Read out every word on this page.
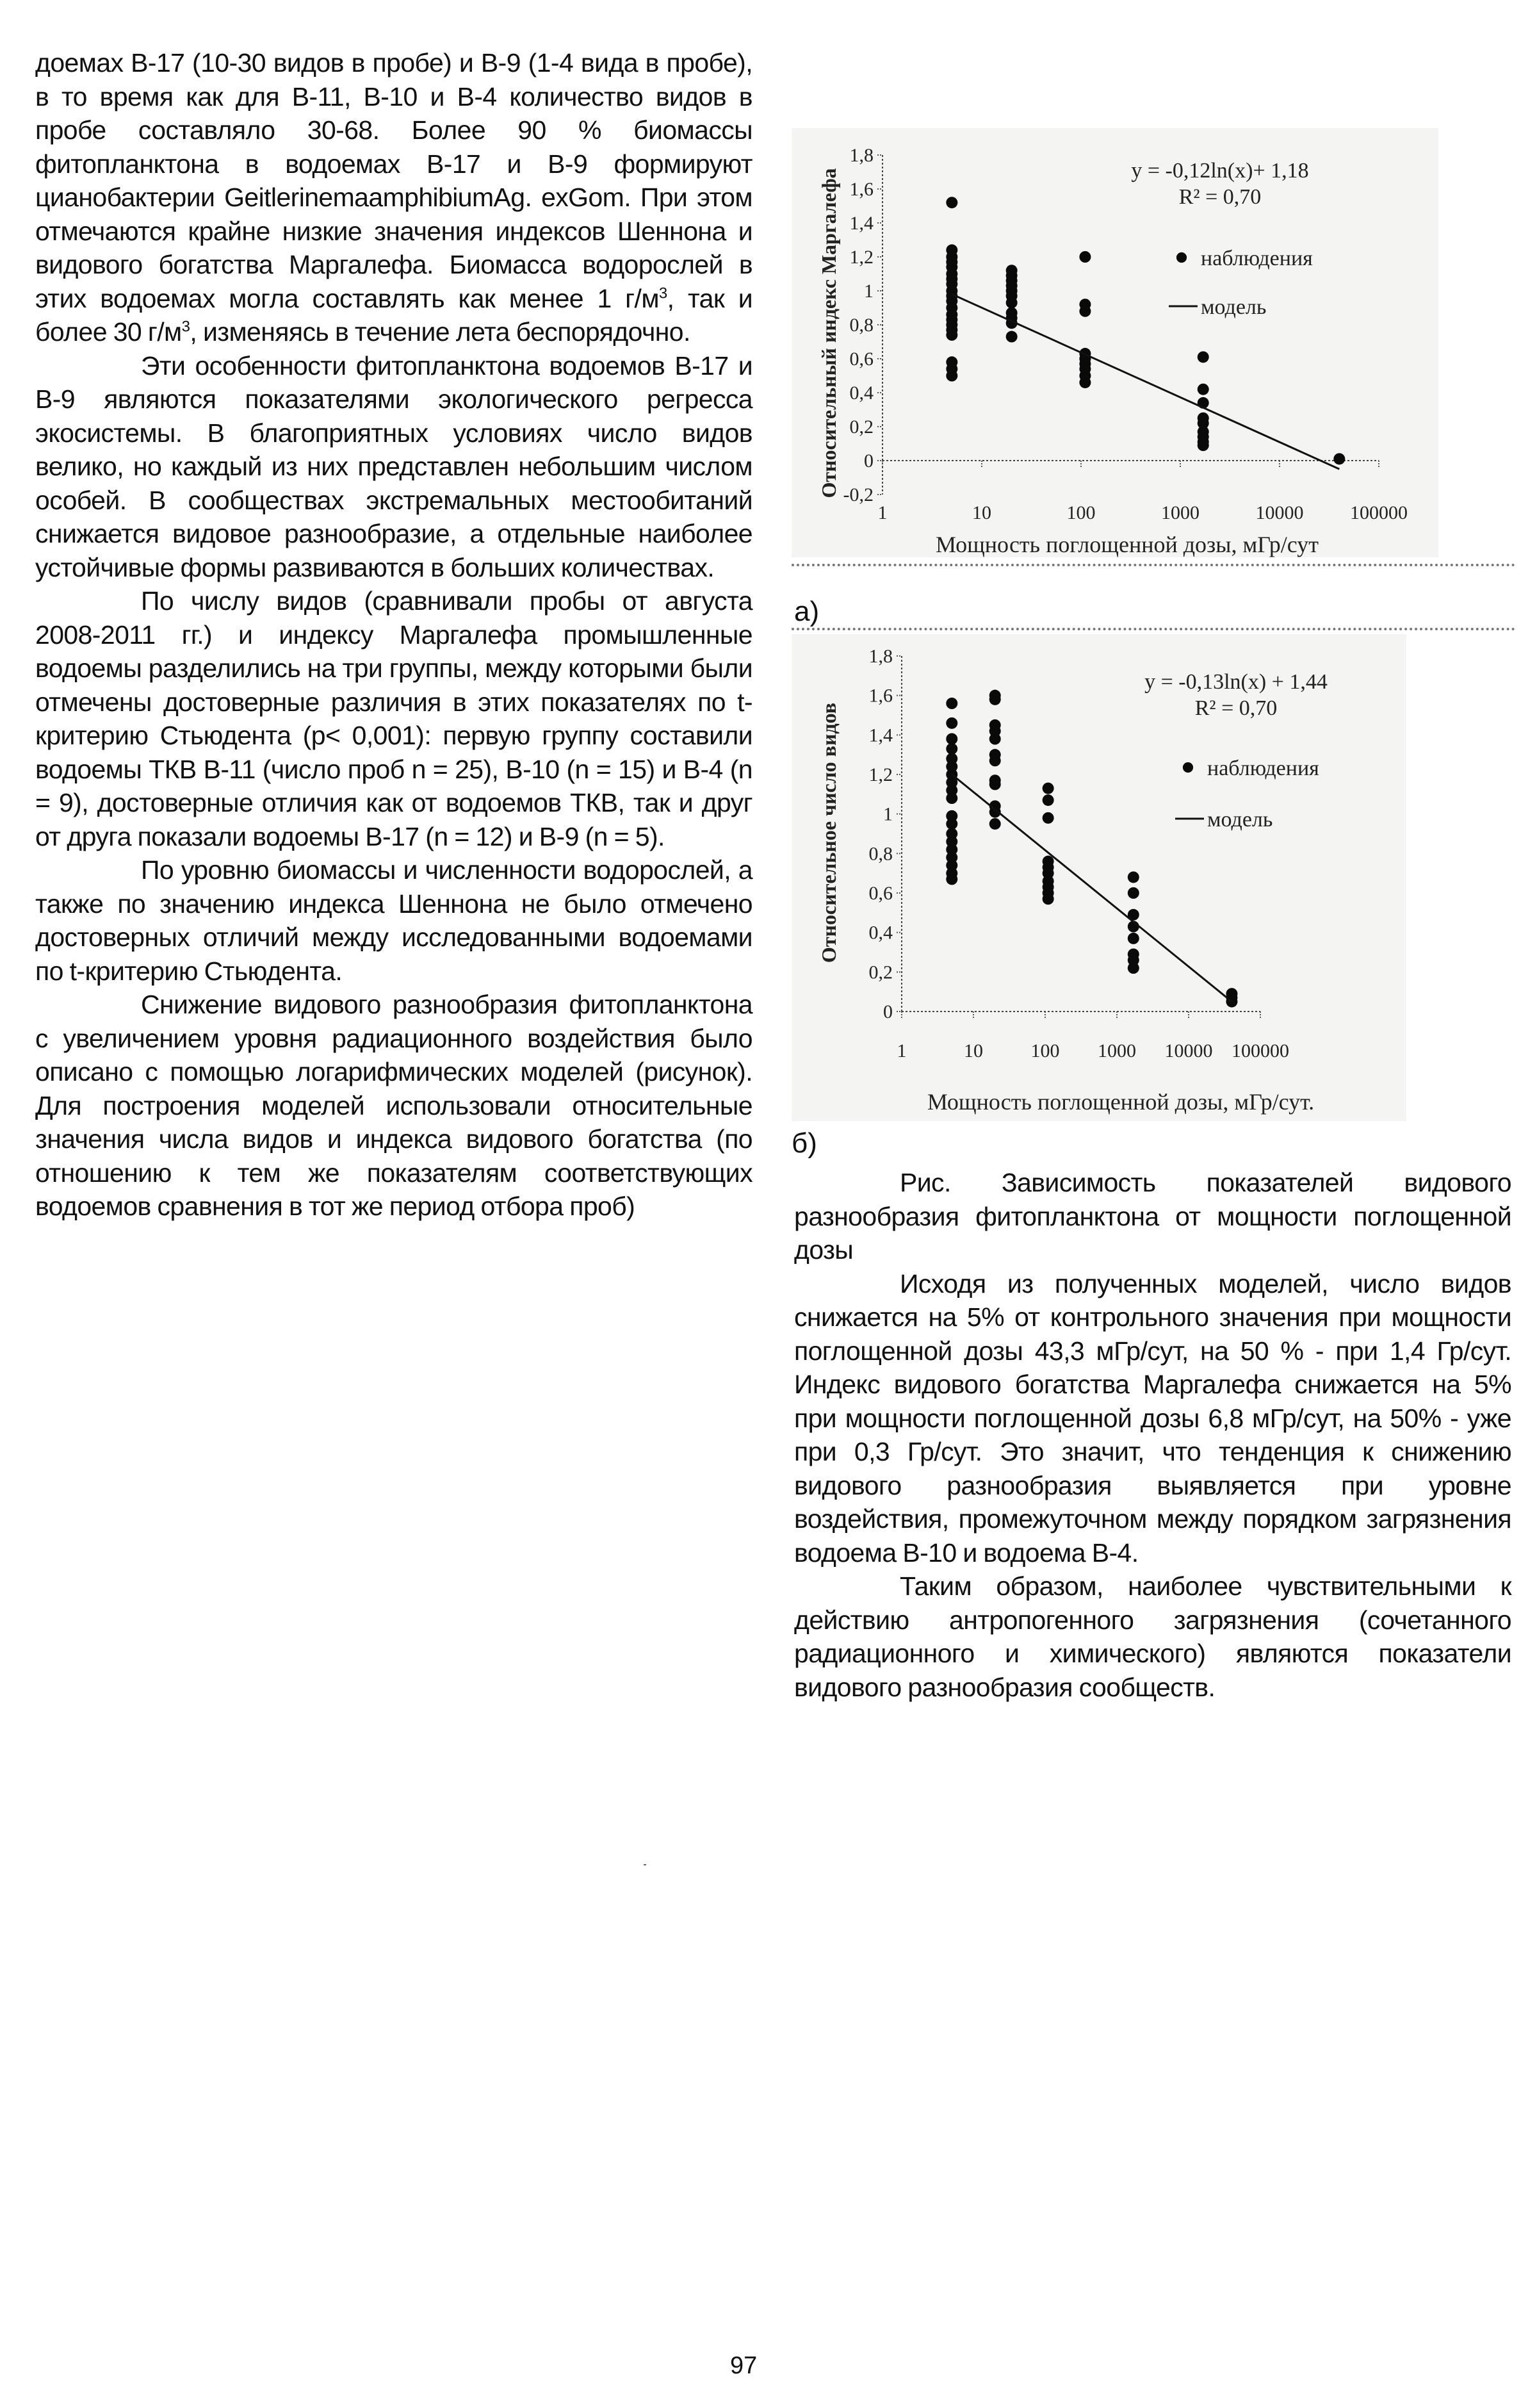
доемах В-17 (10-30 видов в пробе) и В-9 (1-4 вида в пробе), в то время как для В-11, В-10 и В-4 количество видов в пробе составляло 30-68. Более 90 % биомассы фитопланктона в водоемах В-17 и В-9 формируют цианобактерии GeitlerinemaamphibiumAg. exGom. При этом отмечаются крайне низкие значения индексов Шеннона и видового богатства Маргалефа. Биомасса водорослей в этих водоемах могла составлять как менее 1 $г/м^3$, так и более 30 $г/м^3$, изменяясь в течение лета беспорядочно.

Эти особенности фитопланктона водоемов В-17 и В-9 являются показателями экологического регресса экосистемы. В благоприятных условиях число видов велико, но каждый из них представлен небольшим числом особей. В сообществах экстремальных местообитаний снижается видовое разнообразие, а отдельные наиболее устойчивые формы развиваются в больших количествах.

По числу видов (сравнивали пробы от августа 2008-2011 гг.) и индексу Маргалефа промышленные водоемы разделились на три группы, между которыми были отмечены достоверные различия в этих показателях по t-критерию Стьюдента (p< 0,001): первую группу составили водоемы ТКВ В-11 (число проб n = 25), В-10 (n = 15) и В-4 (n = 9), достоверные отличия как от водоемов ТКВ, так и друг от друга показали водоемы В-17 (n = 12) и В-9 (n = 5).

По уровню биомассы и численности водорослей, а также по значению индекса Шеннона не было отмечено достоверных отличий между исследованными водоемами по t-критерию Стьюдента.

Снижение видового разнообразия фитопланктона с увеличением уровня радиационного воздействия было описано с помощью логарифмических моделей (рисунок). Для построения моделей использовали относительные значения числа видов и индекса видового богатства (по отношению к тем же показателям соответствующих водоемов сравнения в тот же период отбора проб)

-0,2
0
0,2
0,4
0,6
0,8
1
1,2
1,4
1,6
1,8
1	10	100	1000	10000 100000
y = -0,12ln(x)+ 1,18
R² = 0,70
наблюдения
модель
Мощность поглощенной дозы, мГр/сут
Относительный индекс Маргалефа
а)
0
0,2
0,4
0,6
0,8
1
1,2
1,4
1,6
1,8
1	10 100 1000 10000 100000
y = -0,13ln(x) + 1,44
R² = 0,70
наблюдения
модель
Мощность поглощенной дозы, мГр/сут.
Относительное число видов
б)

Рис. Зависимость показателей видового разнообразия фитопланктона от мощности поглощенной дозы

Исходя из полученных моделей, число видов снижается на 5% от контрольного значения при мощности поглощенной дозы 43,3 мГр/сут, на 50 % - при 1,4 Гр/сут. Индекс видового богатства Маргалефа снижается на 5% при мощности поглощенной дозы 6,8 мГр/сут, на 50% - уже при 0,3 Гр/сут. Это значит, что тенденция к снижению видового разнообразия выявляется при уровне воздействия, промежуточном между порядком загрязнения водоема В-10 и водоема В-4.

Таким образом, наиболее чувствительными к действию антропогенного загрязнения (сочетанного радиационного и химического) являются показатели видового разнообразия сообществ.

97
